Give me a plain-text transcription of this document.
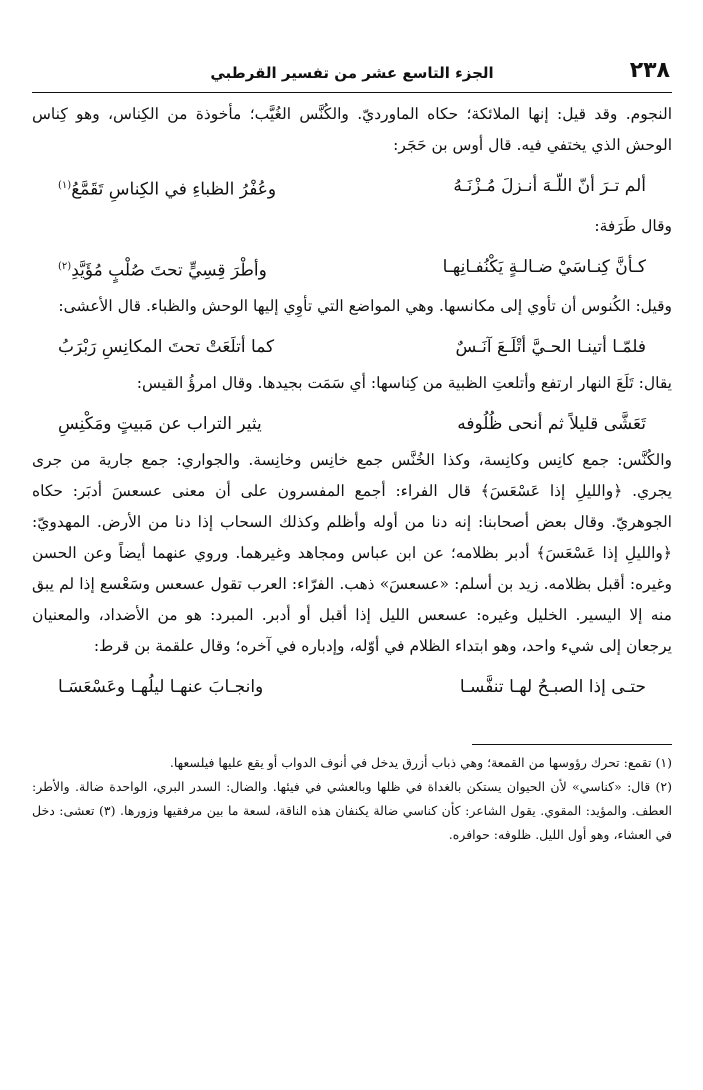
٢٣٨
الجزء التاسع عشر من تفسير القرطبي

النجوم. وقد قيل: إنها الملائكة؛ حكاه الماورديّ. والكُنَّس الغُيَّب؛ مأخوذة من الكِناس، وهو كِناس الوحش الذي يختفي فيه. قال أوس بن حَجَر:

ألم تـرَ أنّ اللّـهَ أنـزلَ مُـزْنَـهُ
وعُفْرُ الظباءِ في الكِناسِ تَقَمَّعُ$^{(١)}$

وقال طَرَفة:

كـأنَّ كِنـاسَيْ ضـالـةٍ يَكْنُفـانِهـا
وأطْرَ قِسِيٍّ تحتَ صُلْبٍ مُؤَيَّدِ$^{(٢)}$

وقيل: الكُنوس أن تأوي إلى مكانسها. وهي المواضع التي تأوِي إليها الوحش والظباء. قال الأعشى:

فلمّـا أتينـا الحـيَّ أتْلَـعَ آنَـسٌ
كما أتلَعَتْ تحتَ المكانِسِ رَبْرَبُ

يقال: تَلَعَ النهار ارتفع وأتلعتِ الظبية من كِناسها: أي سَمَت بجيدها. وقال امرؤُ القيس:

تَعَشَّى قليلاً ثم أنحى ظُلُوفه
يثير التراب عن مَبيتٍ ومَكْنِسِ

والكُنَّس: جمع كانِس وكانِسة، وكذا الخُنَّس جمع خانِس وخانِسة. والجواري: جمع جارية من جرى يجري. ﴿والليلِ إذا عَسْعَسَ﴾ قال الفراء: أجمع المفسرون على أن معنى عسعسَ أدبَر: حكاه الجوهريّ. وقال بعض أصحابنا: إنه دنا من أوله وأظلم وكذلك السحاب إذا دنا من الأرض. المهدويّ: ﴿والليلِ إذا عَسْعَسَ﴾ أدبر بظلامه؛ عن ابن عباس ومجاهد وغيرهما. وروي عنهما أيضاً وعن الحسن وغيره: أقبل بظلامه. زيد بن أسلم: «عسعسَ» ذهب. الفرّاء: العرب تقول عسعس وسَعْسع إذا لم يبق منه إلا اليسير. الخليل وغيره: عسعس الليل إذا أقبل أو أدبر. المبرد: هو من الأضداد، والمعنيان يرجعان إلى شيء واحد، وهو ابتداء الظلام في أوّله، وإدباره في آخره؛ وقال علقمة بن قرط:

حتـى إذا الصبـحُ لهـا تنفَّسـا
وانجـابَ عنهـا ليلُهـا وعَسْعَسَـا

(١) تقمع: تحرك رؤوسها من القمعة؛ وهي ذباب أزرق يدخل في أنوف الدواب أو يقع عليها فيلسعها.

(٢) قال: «كناسي» لأن الحيوان يستكن بالغداة في ظلها وبالعشي في فيئها. والضال: السدر البري، الواحدة ضالة. والأطر: العطف. والمؤيد: المقوي. يقول الشاعر: كأن كناسي ضالة يكنفان هذه الناقة، لسعة ما بين مرفقيها وزورها. (٣) تعشى: دخل في العشاء، وهو أول الليل. ظلوفه: حوافره.
